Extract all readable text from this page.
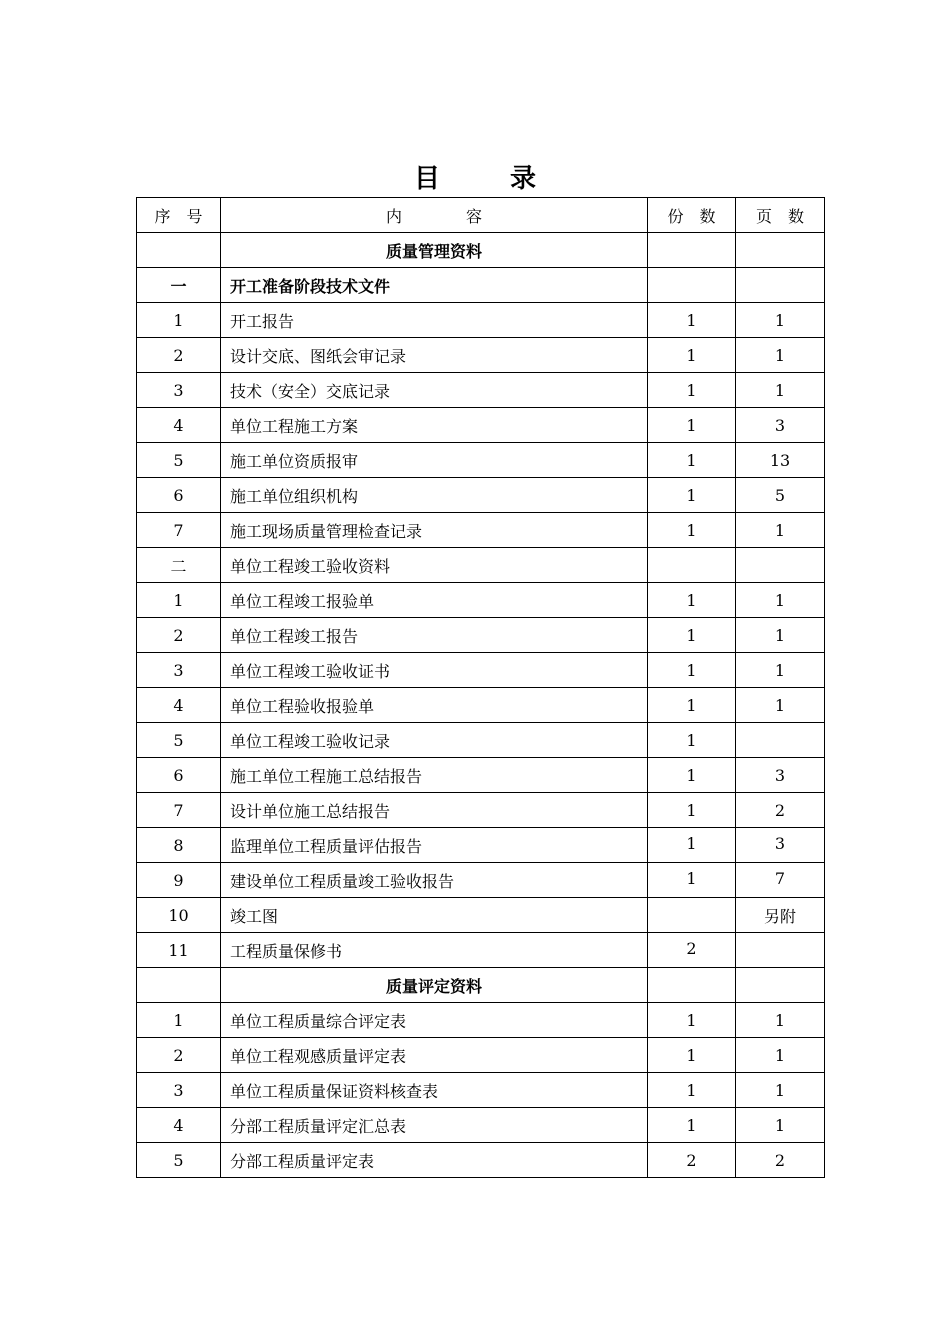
目	录
序　号	内　　　　容	份　数	页　数
	质量管理资料		
一	开工准备阶段技术文件		
1	开工报告	1	1
2	设计交底、图纸会审记录	1	1
3	技术（安全）交底记录	1	1
4	单位工程施工方案	1	3
5	施工单位资质报审	1	13
6	施工单位组织机构	1	5
7	施工现场质量管理检查记录	1	1
二	单位工程竣工验收资料		
1	单位工程竣工报验单	1	1
2	单位工程竣工报告	1	1
3	单位工程竣工验收证书	1	1
4	单位工程验收报验单	1	1
5	单位工程竣工验收记录	1	
6	施工单位工程施工总结报告	1	3
7	设计单位施工总结报告	1	2
8	监理单位工程质量评估报告	1	3
9	建设单位工程质量竣工验收报告	1	7
10	竣工图		另附
11	工程质量保修书	2	
	质量评定资料		
1	单位工程质量综合评定表	1	1
2	单位工程观感质量评定表	1	1
3	单位工程质量保证资料核查表	1	1
4	分部工程质量评定汇总表	1	1
5	分部工程质量评定表	2	2
